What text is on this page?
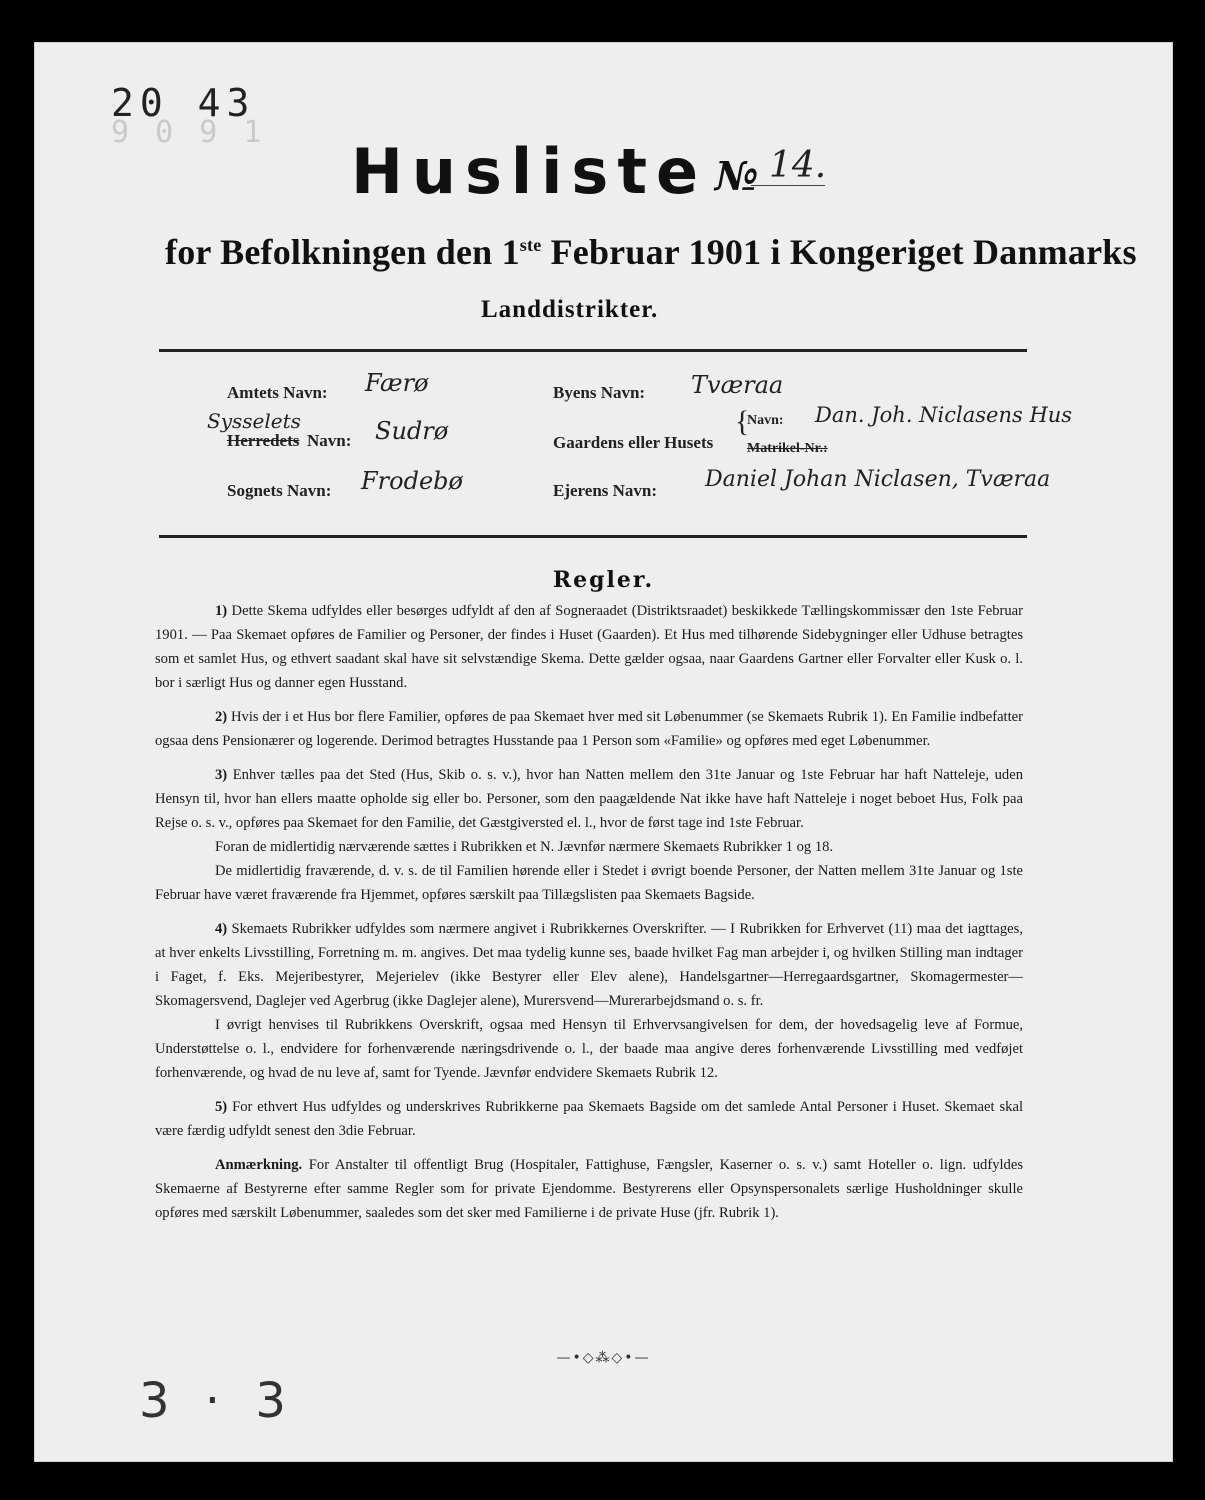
9 0 9 1
20 43
Husliste № 14.
for Befolkningen den 1ste Februar 1901 i Kongeriget Danmarks
Landdistrikter.
Amtets Navn: Færø	Byens Navn: Tværaa
Sysselets
Herredets Navn: Sudrø	Gaardens eller Husets
{
Navn: Dan. Joh. Niclasens Hus
Matrikel-Nr.:
Sognets Navn: Frodebø	Ejerens Navn: Daniel Johan Niclasen, Tværaa
Regler.

1) Dette Skema udfyldes eller besørges udfyldt af den af Sogneraadet (Distriktsraadet) beskikkede Tællingskommissær den 1ste Februar 1901. — Paa Skemaet opføres de Familier og Personer, der findes i Huset (Gaarden). Et Hus med tilhørende Sidebygninger eller Udhuse betragtes som et samlet Hus, og ethvert saadant skal have sit selvstændige Skema. Dette gælder ogsaa, naar Gaardens Gartner eller Forvalter eller Kusk o. l. bor i særligt Hus og danner egen Husstand.

2) Hvis der i et Hus bor flere Familier, opføres de paa Skemaet hver med sit Løbenummer (se Skemaets Rubrik 1). En Familie indbefatter ogsaa dens Pensionærer og logerende. Derimod betragtes Husstande paa 1 Person som «Familie» og opføres med eget Løbenummer.

3) Enhver tælles paa det Sted (Hus, Skib o. s. v.), hvor han Natten mellem den 31te Januar og 1ste Februar har haft Natteleje, uden Hensyn til, hvor han ellers maatte opholde sig eller bo. Personer, som den paagældende Nat ikke have haft Natteleje i noget beboet Hus, Folk paa Rejse o. s. v., opføres paa Skemaet for den Familie, det Gæstgiversted el. l., hvor de først tage ind 1ste Februar.

Foran de midlertidig nærværende sættes i Rubrikken et N. Jævnfør nærmere Skemaets Rubrikker 1 og 18.

De midlertidig fraværende, d. v. s. de til Familien hørende eller i Stedet i øvrigt boende Personer, der Natten mellem 31te Januar og 1ste Februar have været fraværende fra Hjemmet, opføres særskilt paa Tillægslisten paa Skemaets Bagside.

4) Skemaets Rubrikker udfyldes som nærmere angivet i Rubrikkernes Overskrifter. — I Rubrikken for Erhvervet (11) maa det iagttages, at hver enkelts Livsstilling, Forretning m. m. angives. Det maa tydelig kunne ses, baade hvilket Fag man arbejder i, og hvilken Stilling man indtager i Faget, f. Eks. Mejeribestyrer, Mejerielev (ikke Bestyrer eller Elev alene), Handelsgartner—Herregaardsgartner, Skomagermester—Skomagersvend, Daglejer ved Agerbrug (ikke Daglejer alene), Murersvend—Murerarbejdsmand o. s. fr.

I øvrigt henvises til Rubrikkens Overskrift, ogsaa med Hensyn til Erhvervsangivelsen for dem, der hovedsagelig leve af Formue, Understøttelse o. l., endvidere for forhenværende næringsdrivende o. l., der baade maa angive deres forhenværende Livsstilling med vedføjet forhenværende, og hvad de nu leve af, samt for Tyende. Jævnfør endvidere Skemaets Rubrik 12.

5) For ethvert Hus udfyldes og underskrives Rubrikkerne paa Skemaets Bagside om det samlede Antal Personer i Huset. Skemaet skal være færdig udfyldt senest den 3die Februar.

Anmærkning. For Anstalter til offentligt Brug (Hospitaler, Fattighuse, Fængsler, Kaserner o. s. v.) samt Hoteller o. lign. udfyldes Skemaerne af Bestyrerne efter samme Regler som for private Ejendomme. Bestyrerens eller Opsynspersonalets særlige Husholdninger skulle opføres med særskilt Løbenummer, saaledes som det sker med Familierne i de private Huse (jfr. Rubrik 1).

—•◇⁂◇•—
3 · 3
